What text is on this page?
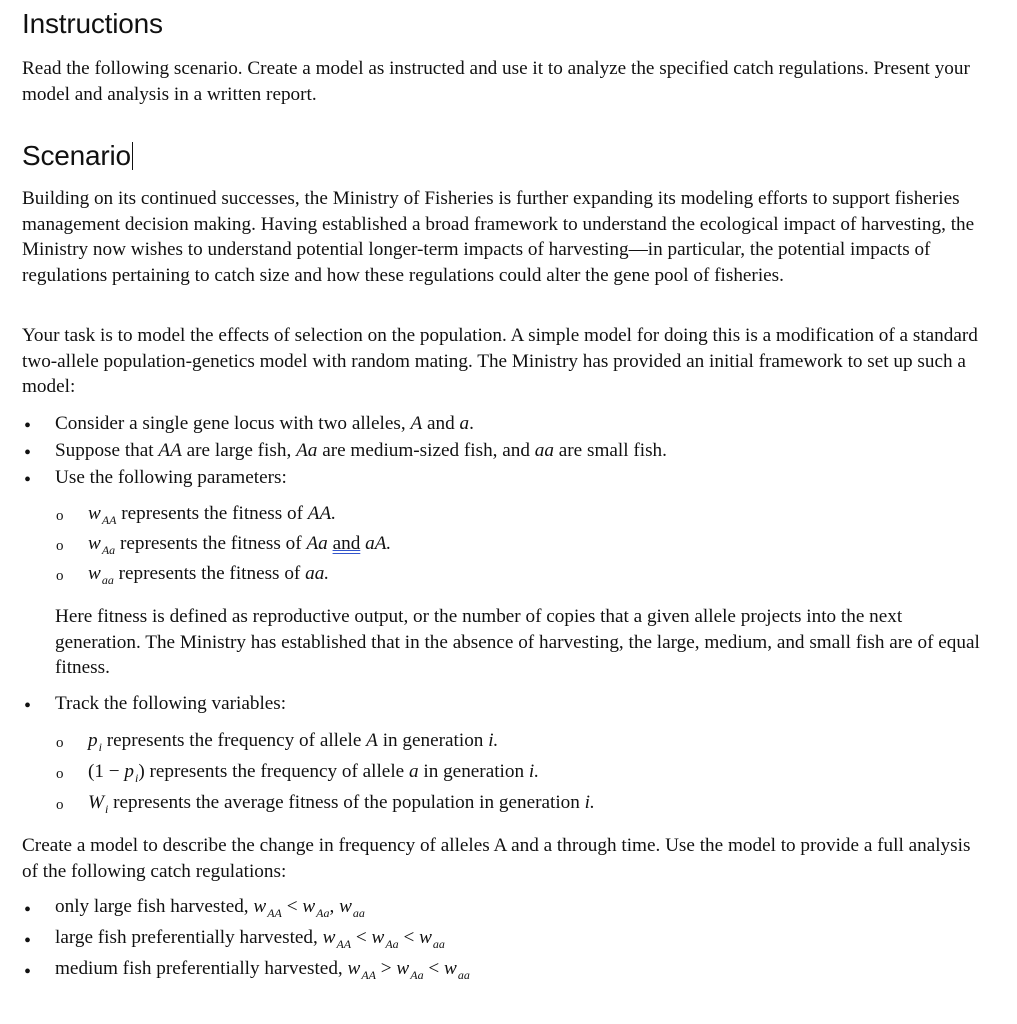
Instructions

Read the following scenario. Create a model as instructed and use it to analyze the specified catch regulations. Present your model and analysis in a written report.

Scenario

Building on its continued successes, the Ministry of Fisheries is further expanding its modeling efforts to support fisheries management decision making. Having established a broad framework to understand the ecological impact of harvesting, the Ministry now wishes to understand potential longer-term impacts of harvesting—in particular, the potential impacts of regulations pertaining to catch size and how these regulations could alter the gene pool of fisheries.

Your task is to model the effects of selection on the population. A simple model for doing this is a modification of a standard two-allele population-genetics model with random mating. The Ministry has provided an initial framework to set up such a model:

• Consider a single gene locus with two alleles, A and a.
• Suppose that AA are large fish, Aa are medium-sized fish, and aa are small fish.
• Use the following parameters:
o $w_{AA}$ represents the fitness of AA.
o $w_{Aa}$ represents the fitness of Aa and aA.
o $w_{aa}$ represents the fitness of aa.

Here fitness is defined as reproductive output, or the number of copies that a given allele projects into the next generation. The Ministry has established that in the absence of harvesting, the large, medium, and small fish are of equal fitness.

• Track the following variables:
o $p_i$ represents the frequency of allele A in generation i.
o $(1 - p_i)$ represents the frequency of allele a in generation i.
o $W_i$ represents the average fitness of the population in generation i.

Create a model to describe the change in frequency of alleles A and a through time. Use the model to provide a full analysis of the following catch regulations:

• only large fish harvested, $w_{AA} < w_{Aa}$, $w_{aa}$
• large fish preferentially harvested, $w_{AA} < w_{Aa} < w_{aa}$
• medium fish preferentially harvested, $w_{AA} > w_{Aa} < w_{aa}$
